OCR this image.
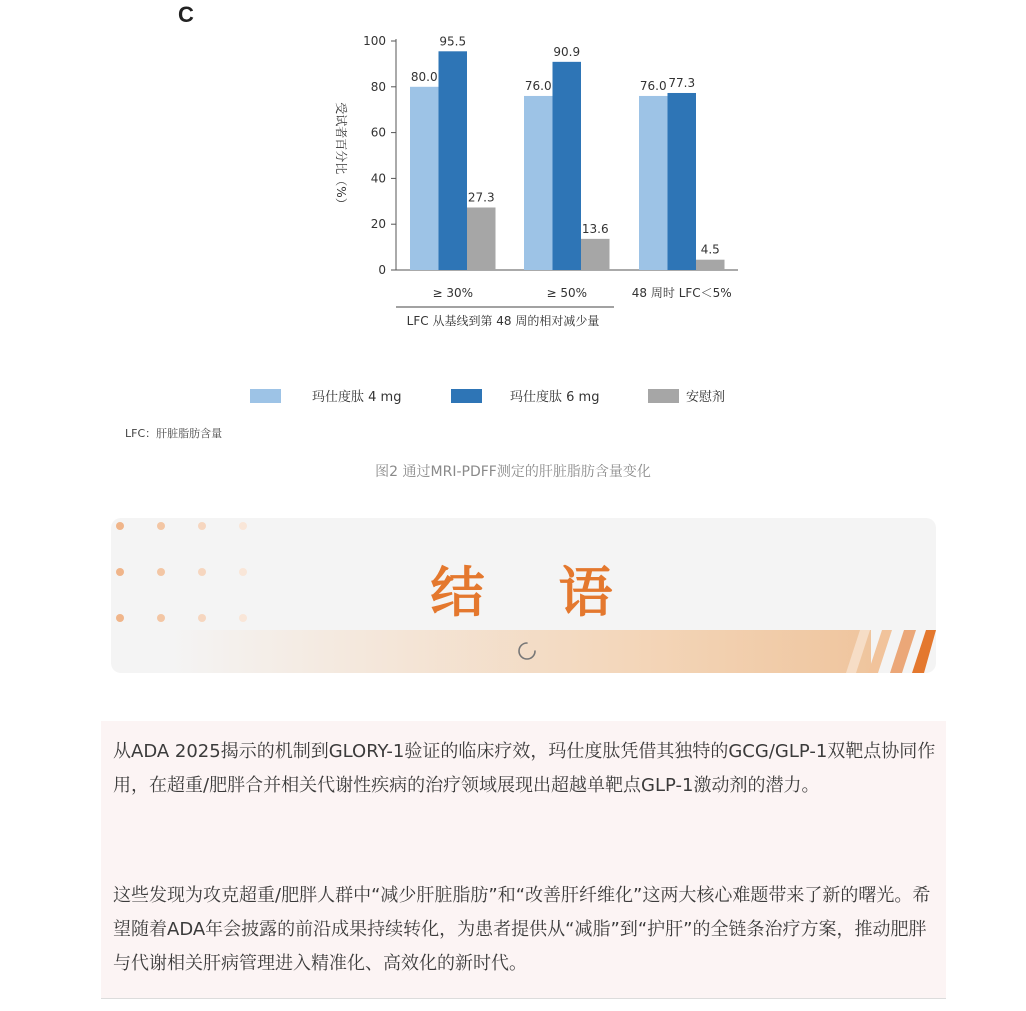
C
0
20
40
60
80
100
受试者百分比（%）
80.0
76.0	76.0
95.5
90.9
77.3
27.3
13.6
4.5
≥ 30%	≥ 50%	48 周时 LFC＜5%
LFC 从基线到第 48 周的相对减少量
玛仕度肽 4 mg	玛仕度肽 6 mg	安慰剂
LFC：肝脏脂肪含量
图2 通过MRI-PDFF测定的肝脏脂肪含量变化
结 语

从ADA 2025揭示的机制到GLORY-1验证的临床疗效，玛仕度肽凭借其独特的GCG/GLP-1双靶点协同作用，在超重/肥胖合并相关代谢性疾病的治疗领域展现出超越单靶点GLP-1激动剂的潜力。

这些发现为攻克超重/肥胖人群中“减少肝脏脂肪”和“改善肝纤维化”这两大核心难题带来了新的曙光。希望随着ADA年会披露的前沿成果持续转化，为患者提供从“减脂”到“护肝”的全链条治疗方案，推动肥胖与代谢相关肝病管理进入精准化、高效化的新时代。
